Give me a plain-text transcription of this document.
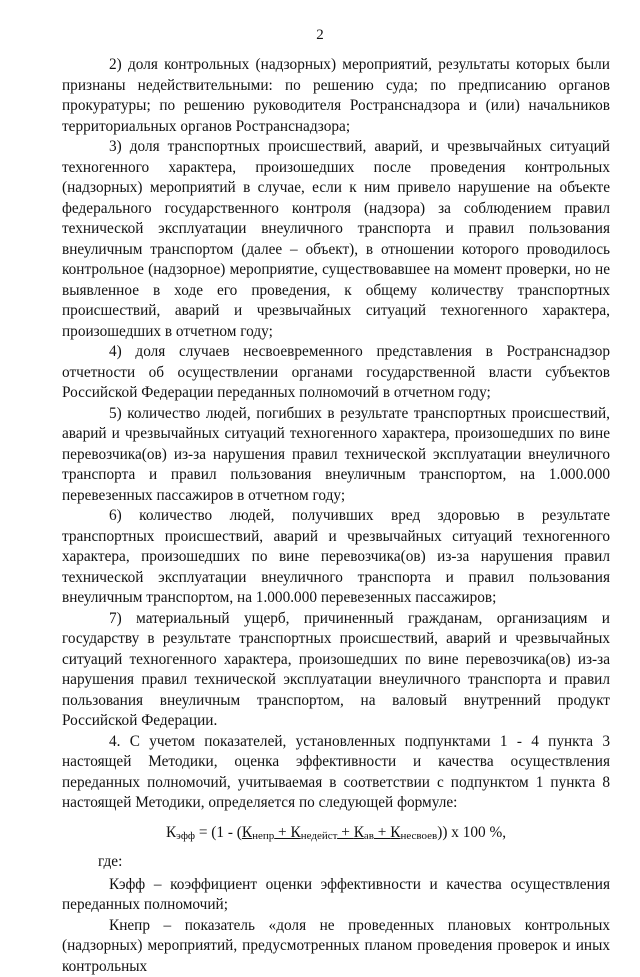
2

2) доля контрольных (надзорных) мероприятий, результаты которых были признаны недействительными: по решению суда; по предписанию органов прокуратуры; по решению руководителя Ространснадзора и (или) начальников территориальных органов Ространснадзора;

3) доля транспортных происшествий, аварий, и чрезвычайных ситуаций техногенного характера, произошедших после проведения контрольных (надзорных) мероприятий в случае, если к ним привело нарушение на объекте федерального государственного контроля (надзора) за соблюдением правил технической эксплуатации внеуличного транспорта и правил пользования внеуличным транспортом (далее – объект), в отношении которого проводилось контрольное (надзорное) мероприятие, существовавшее на момент проверки, но не выявленное в ходе его проведения, к общему количеству транспортных происшествий, аварий и чрезвычайных ситуаций техногенного характера, произошедших в отчетном году;

4) доля случаев несвоевременного представления в Ространснадзор отчетности об осуществлении органами государственной власти субъектов Российской Федерации переданных полномочий в отчетном году;

5) количество людей, погибших в результате транспортных происшествий, аварий и чрезвычайных ситуаций техногенного характера, произошедших по вине перевозчика(ов) из-за нарушения правил технической эксплуатации внеуличного транспорта и правил пользования внеуличным транспортом, на 1.000.000 перевезенных пассажиров в отчетном году;

6) количество людей, получивших вред здоровью в результате транспортных происшествий, аварий и чрезвычайных ситуаций техногенного характера, произошедших по вине перевозчика(ов) из-за нарушения правил технической эксплуатации внеуличного транспорта и правил пользования внеуличным транспортом, на 1.000.000 перевезенных пассажиров;

7) материальный ущерб, причиненный гражданам, организациям и государству в результате транспортных происшествий, аварий и чрезвычайных ситуаций техногенного характера, произошедших по вине перевозчика(ов) из-за нарушения правил технической эксплуатации внеуличного транспорта и правил пользования внеуличным транспортом, на валовый внутренний продукт Российской Федерации.

4. С учетом показателей, установленных подпунктами 1 - 4 пункта 3 настоящей Методики, оценка эффективности и качества осуществления переданных полномочий, учитываемая в соответствии с подпунктом 1 пункта 8 настоящей Методики, определяется по следующей формуле:

Кэфф = (1 - (Кнепр + Кнедейст + Кав + Кнесвоев)) х 100 %,

где:

Кэфф – коэффициент оценки эффективности и качества осуществления переданных полномочий;

Кнепр – показатель «доля не проведенных плановых контрольных (надзорных) мероприятий, предусмотренных планом проведения проверок и иных контрольных
